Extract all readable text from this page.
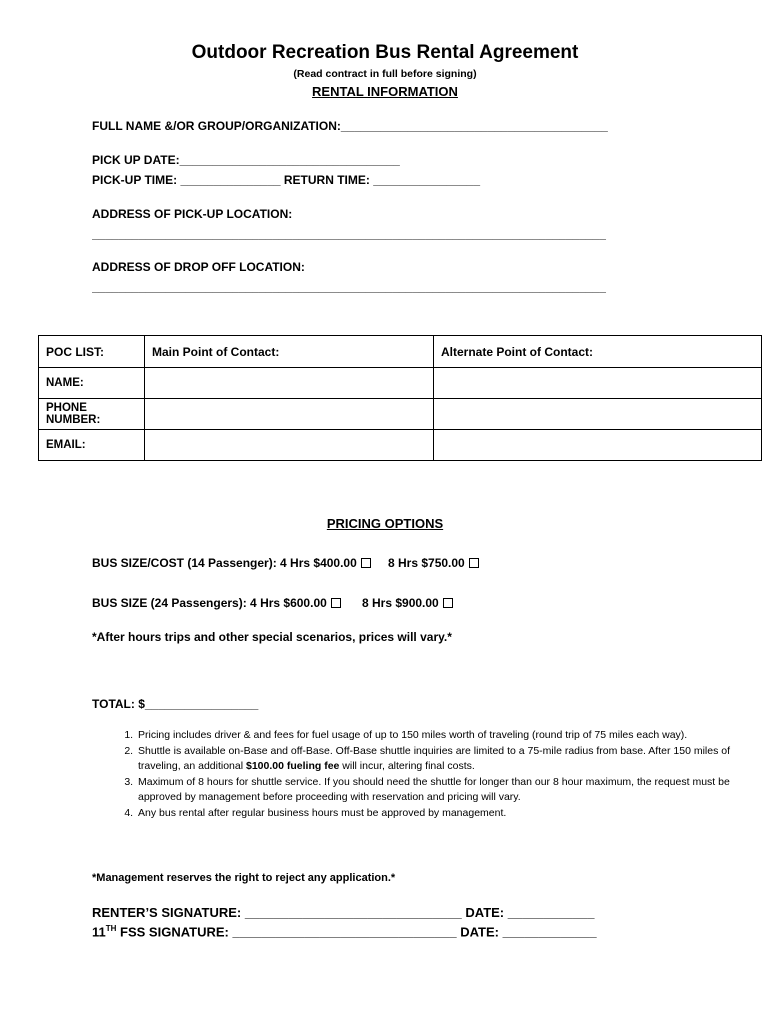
Outdoor Recreation Bus Rental Agreement
(Read contract in full before signing)
RENTAL INFORMATION
FULL NAME &/OR GROUP/ORGANIZATION:________________________________________
PICK UP DATE:_________________________________
PICK-UP TIME: _______________ RETURN TIME: ________________
ADDRESS OF PICK-UP LOCATION:
_____________________________________________________________________________
ADDRESS OF DROP OFF LOCATION:
_____________________________________________________________________________
POC LIST:	Main Point of Contact:	Alternate Point of Contact:
NAME:		
PHONE NUMBER:		
EMAIL:		
PRICING OPTIONS
BUS SIZE/COST (14 Passenger): 4 Hrs $400.00	8 Hrs $750.00
BUS SIZE (24 Passengers): 4 Hrs $600.00	8 Hrs $900.00
*After hours trips and other special scenarios, prices will vary.*
TOTAL: $_________________
1. Pricing includes driver & and fees for fuel usage of up to 150 miles worth of traveling (round trip of 75 miles each way).
2. Shuttle is available on-Base and off-Base. Off-Base shuttle inquiries are limited to a 75-mile radius from base. After 150 miles of traveling, an additional $100.00 fueling fee will incur, altering final costs.
3. Maximum of 8 hours for shuttle service. If you should need the shuttle for longer than our 8 hour maximum, the request must be approved by management before proceeding with reservation and pricing will vary.
4. Any bus rental after regular business hours must be approved by management.
*Management reserves the right to reject any application.*
RENTER’S SIGNATURE: ______________________________ DATE: ____________
11TH FSS SIGNATURE: _______________________________ DATE: _____________
